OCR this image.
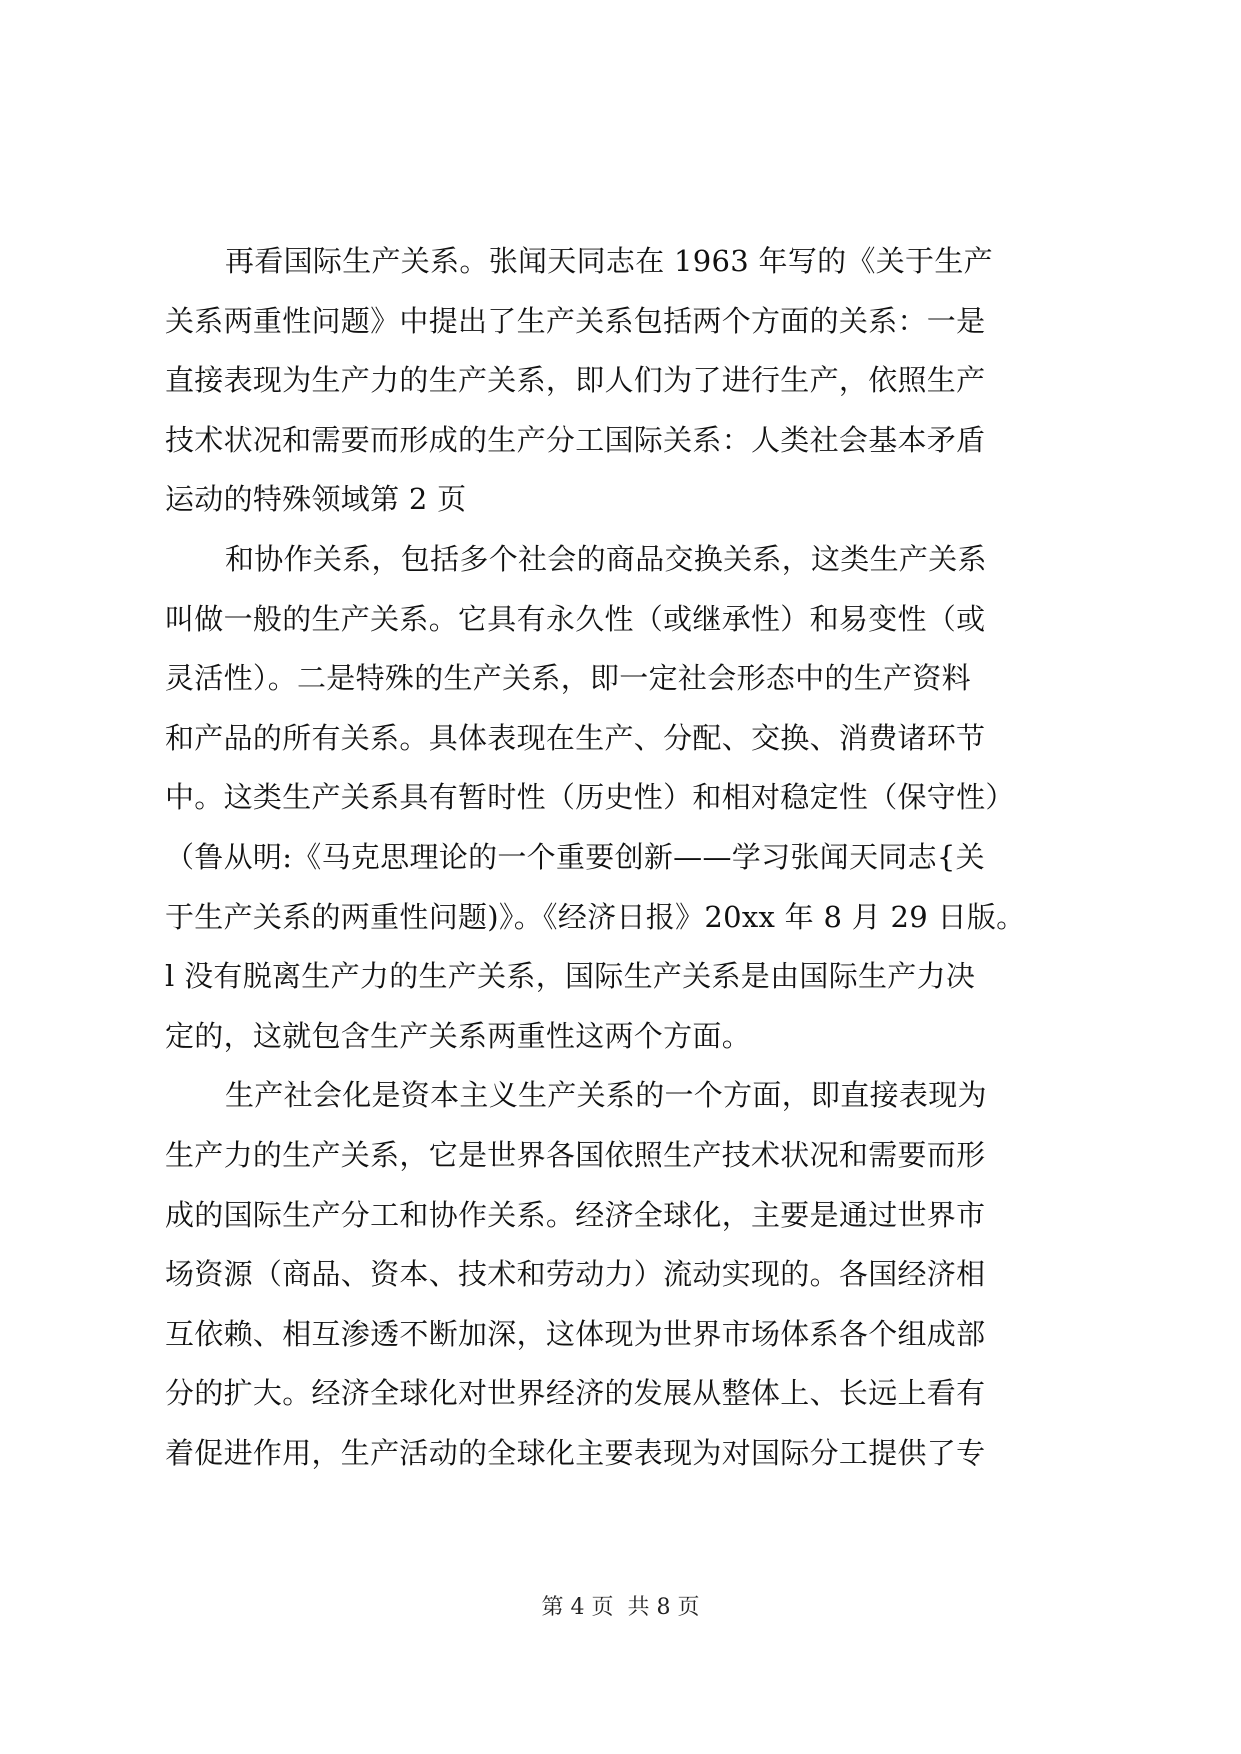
再看国际生产关系。张闻天同志在 1963 年写的《关于生产
关系两重性问题》中提出了生产关系包括两个方面的关系：一是
直接表现为生产力的生产关系，即人们为了进行生产，依照生产
技术状况和需要而形成的生产分工国际关系：人类社会基本矛盾
运动的特殊领域第 2 页
和协作关系，包括多个社会的商品交换关系，这类生产关系
叫做一般的生产关系。它具有永久性（或继承性）和易变性（或
灵活性）。二是特殊的生产关系，即一定社会形态中的生产资料
和产品的所有关系。具体表现在生产、分配、交换、消费诸环节
中。这类生产关系具有暂时性（历史性）和相对稳定性（保守性）
（鲁从明:《马克思理论的一个重要创新——学习张闻天同志{关
于生产关系的两重性问题)》。《经济日报》20xx 年 8 月 29 日版。
l 没有脱离生产力的生产关系，国际生产关系是由国际生产力决
定的，这就包含生产关系两重性这两个方面。
生产社会化是资本主义生产关系的一个方面，即直接表现为
生产力的生产关系，它是世界各国依照生产技术状况和需要而形
成的国际生产分工和协作关系。经济全球化，主要是通过世界市
场资源（商品、资本、技术和劳动力）流动实现的。各国经济相
互依赖、相互渗透不断加深，这体现为世界市场体系各个组成部
分的扩大。经济全球化对世界经济的发展从整体上、长远上看有
着促进作用，生产活动的全球化主要表现为对国际分工提供了专
第 4 页  共 8 页
